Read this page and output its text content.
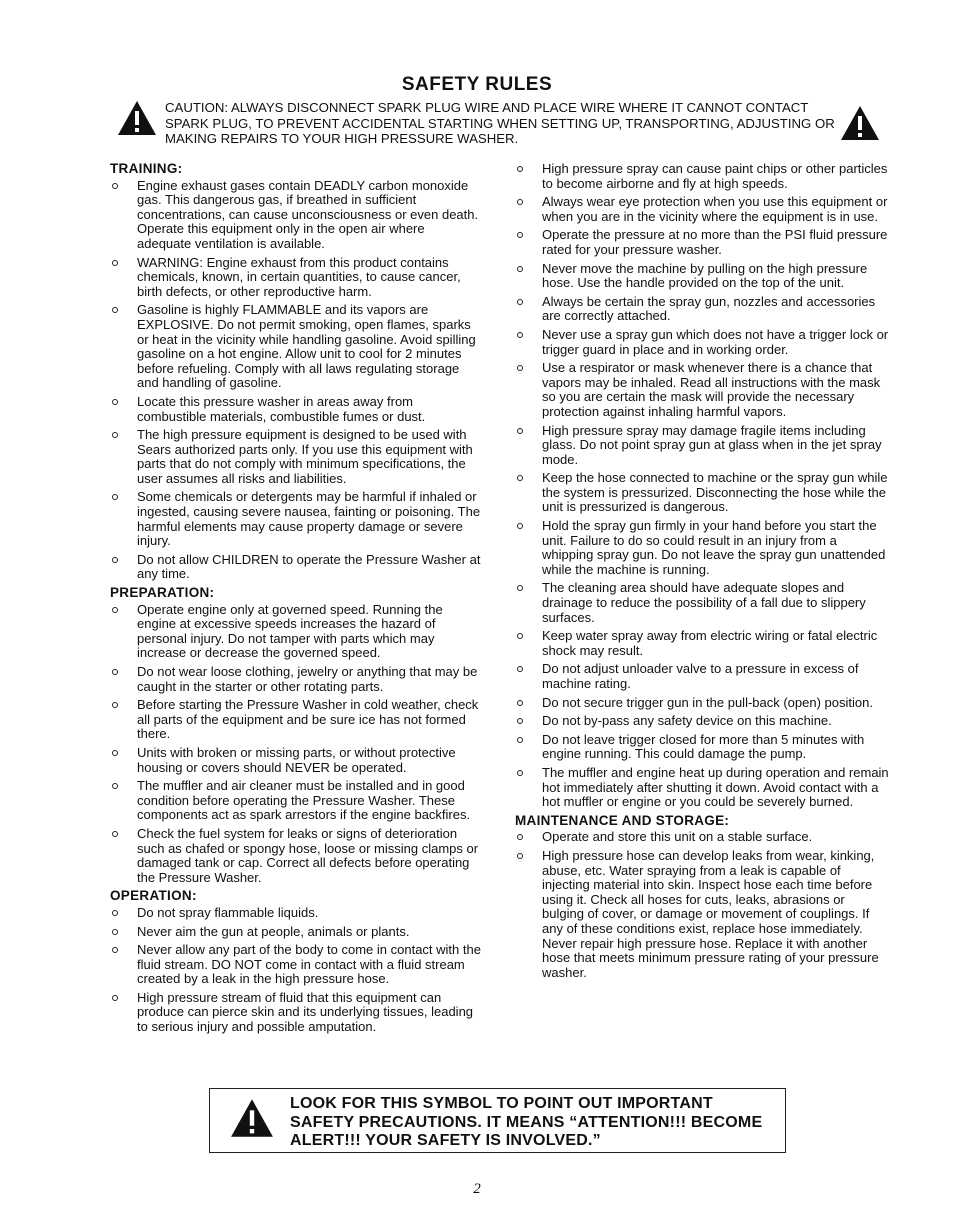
SAFETY RULES

CAUTION: ALWAYS DISCONNECT SPARK PLUG WIRE AND PLACE WIRE WHERE IT CANNOT CONTACT SPARK PLUG, TO PREVENT ACCIDENTAL STARTING WHEN SETTING UP, TRANSPORTING, ADJUSTING OR MAKING REPAIRS TO YOUR HIGH PRESSURE WASHER.

TRAINING:
Engine exhaust gases contain DEADLY carbon monoxide gas. This dangerous gas, if breathed in sufficient concentrations, can cause unconsciousness or even death. Operate this equipment only in the open air where adequate ventilation is available.
WARNING: Engine exhaust from this product contains chemicals, known, in certain quantities, to cause cancer, birth defects, or other reproductive harm.
Gasoline is highly FLAMMABLE and its vapors are EXPLOSIVE. Do not permit smoking, open flames, sparks or heat in the vicinity while handling gasoline. Avoid spilling gasoline on a hot engine. Allow unit to cool for 2 minutes before refueling. Comply with all laws regulating storage and handling of gasoline.
Locate this pressure washer in areas away from combustible materials, combustible fumes or dust.
The high pressure equipment is designed to be used with Sears authorized parts only. If you use this equipment with parts that do not comply with minimum specifications, the user assumes all risks and liabilities.
Some chemicals or detergents may be harmful if inhaled or ingested, causing severe nausea, fainting or poisoning. The harmful elements may cause property damage or severe injury.
Do not allow CHILDREN to operate the Pressure Washer at any time.
PREPARATION:
Operate engine only at governed speed. Running the engine at excessive speeds increases the hazard of personal injury. Do not tamper with parts which may increase or decrease the governed speed.
Do not wear loose clothing, jewelry or anything that may be caught in the starter or other rotating parts.
Before starting the Pressure Washer in cold weather, check all parts of the equipment and be sure ice has not formed there.
Units with broken or missing parts, or without protective housing or covers should NEVER be operated.
The muffler and air cleaner must be installed and in good condition before operating the Pressure Washer. These components act as spark arrestors if the engine backfires.
Check the fuel system for leaks or signs of deterioration such as chafed or spongy hose, loose or missing clamps or damaged tank or cap. Correct all defects before operating the Pressure Washer.
OPERATION:
Do not spray flammable liquids.
Never aim the gun at people, animals or plants.
Never allow any part of the body to come in contact with the fluid stream. DO NOT come in contact with a fluid stream created by a leak in the high pressure hose.
High pressure stream of fluid that this equipment can produce can pierce skin and its underlying tissues, leading to serious injury and possible amputation.
High pressure spray can cause paint chips or other particles to become airborne and fly at high speeds.
Always wear eye protection when you use this equipment or when you are in the vicinity where the equipment is in use.
Operate the pressure at no more than the PSI fluid pressure rated for your pressure washer.
Never move the machine by pulling on the high pressure hose. Use the handle provided on the top of the unit.
Always be certain the spray gun, nozzles and accessories are correctly attached.
Never use a spray gun which does not have a trigger lock or trigger guard in place and in working order.
Use a respirator or mask whenever there is a chance that vapors may be inhaled. Read all instructions with the mask so you are certain the mask will provide the necessary protection against inhaling harmful vapors.
High pressure spray may damage fragile items including glass. Do not point spray gun at glass when in the jet spray mode.
Keep the hose connected to machine or the spray gun while the system is pressurized. Disconnecting the hose while the unit is pressurized is dangerous.
Hold the spray gun firmly in your hand before you start the unit. Failure to do so could result in an injury from a whipping spray gun. Do not leave the spray gun unattended while the machine is running.
The cleaning area should have adequate slopes and drainage to reduce the possibility of a fall due to slippery surfaces.
Keep water spray away from electric wiring or fatal electric shock may result.
Do not adjust unloader valve to a pressure in excess of machine rating.
Do not secure trigger gun in the pull-back (open) position.
Do not by-pass any safety device on this machine.
Do not leave trigger closed for more than 5 minutes with engine running. This could damage the pump.
The muffler and engine heat up during operation and remain hot immediately after shutting it down. Avoid contact with a hot muffler or engine or you could be severely burned.
MAINTENANCE AND STORAGE:
Operate and store this unit on a stable surface.
High pressure hose can develop leaks from wear, kinking, abuse, etc. Water spraying from a leak is capable of injecting material into skin. Inspect hose each time before using it. Check all hoses for cuts, leaks, abrasions or bulging of cover, or damage or movement of couplings. If any of these conditions exist, replace hose immediately. Never repair high pressure hose. Replace it with another hose that meets minimum pressure rating of your pressure washer.

LOOK FOR THIS SYMBOL TO POINT OUT IMPORTANT SAFETY PRECAUTIONS. IT MEANS “ATTENTION!!! BECOME ALERT!!! YOUR SAFETY IS INVOLVED.”

2
